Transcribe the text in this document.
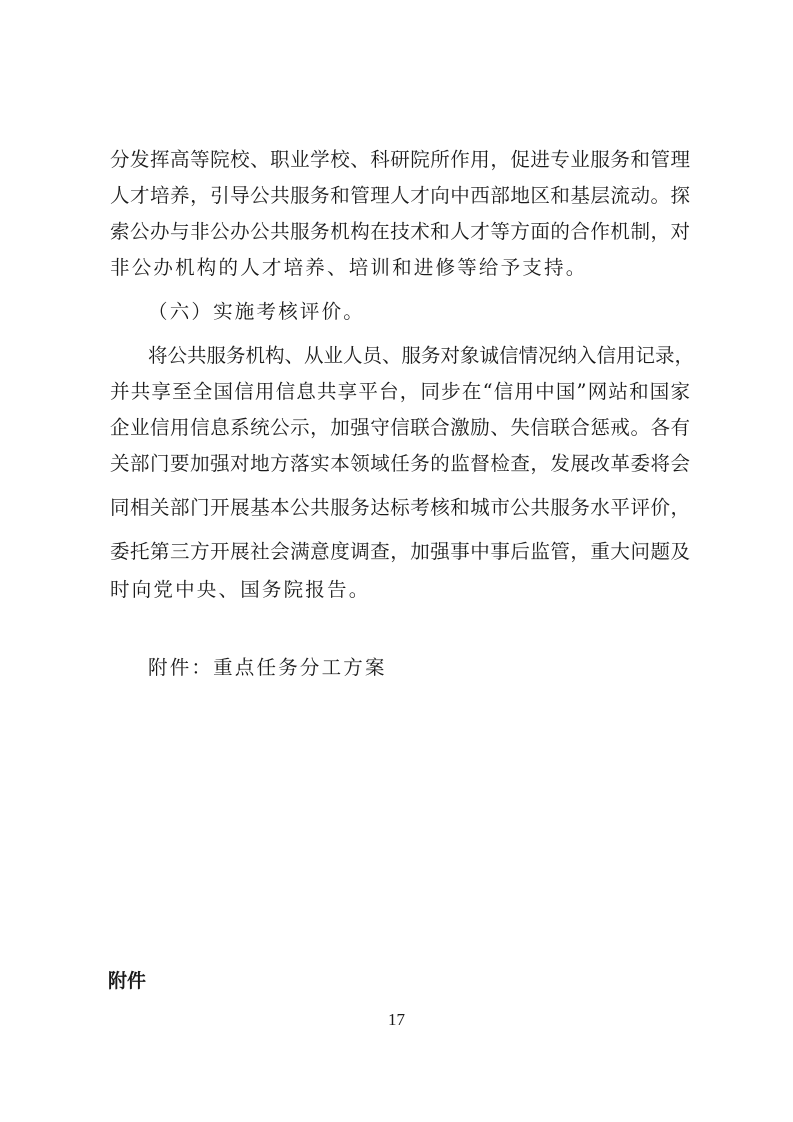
分发挥高等院校、职业学校、科研院所作用，促进专业服务和管理
人才培养，引导公共服务和管理人才向中西部地区和基层流动。探
索公办与非公办公共服务机构在技术和人才等方面的合作机制，对
非公办机构的人才培养、培训和进修等给予支持。
（六）实施考核评价。
将公共服务机构、从业人员、服务对象诚信情况纳入信用记录，
并共享至全国信用信息共享平台，同步在“信用中国”网站和国家
企业信用信息系统公示，加强守信联合激励、失信联合惩戒。各有
关部门要加强对地方落实本领域任务的监督检查，发展改革委将会
同相关部门开展基本公共服务达标考核和城市公共服务水平评价，
委托第三方开展社会满意度调查，加强事中事后监管，重大问题及
时向党中央、国务院报告。
附件：重点任务分工方案
附件
17
